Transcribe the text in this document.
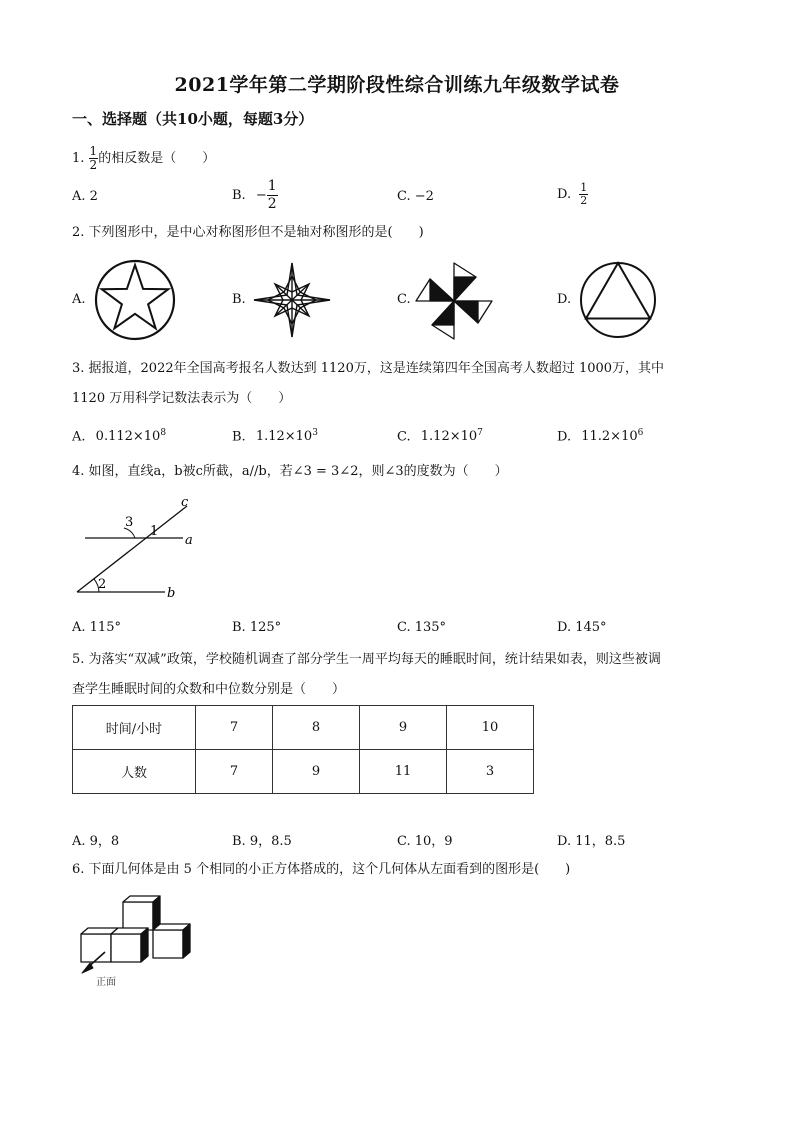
2021学年第二学期阶段性综合训练九年级数学试卷
一、选择题（共10小题，每题3分）
1. $\frac{1}{2}$ 的相反数是（　　）
A. 2	B. − $\frac{1}{2}$	C. −2	D. $\frac{1}{2}$
2. 下列图形中，是中心对称图形但不是轴对称图形的是(　　)
A.	B.	C.	D.
3. 据报道，2022年全国高考报名人数达到 1120万，这是连续第四年全国高考人数超过 1000万，其中
1120 万用科学记数法表示为（　　）
A. $0.112\times 10^8$	B. $1.12\times 10^3$	C. $1.12\times 10^7$	D. $11.2\times 10^6$
4. 如图，直线a，b被c所截，a//b，若∠3 = 3∠2，则∠3的度数为（　　）
c
a
b
1
2
3
A. 115°	B. 125°	C. 135°	D. 145°
5. 为落实“双减”政策，学校随机调查了部分学生一周平均每天的睡眠时间，统计结果如表，则这些被调
查学生睡眠时间的众数和中位数分别是（　　）
时间/小时	7	8	9	10
人数	7	9	11	3
A. 9，8	B. 9，8.5	C. 10，9	D. 11，8.5
6. 下面几何体是由 5 个相同的小正方体搭成的，这个几何体从左面看到的图形是(　　)
正面
